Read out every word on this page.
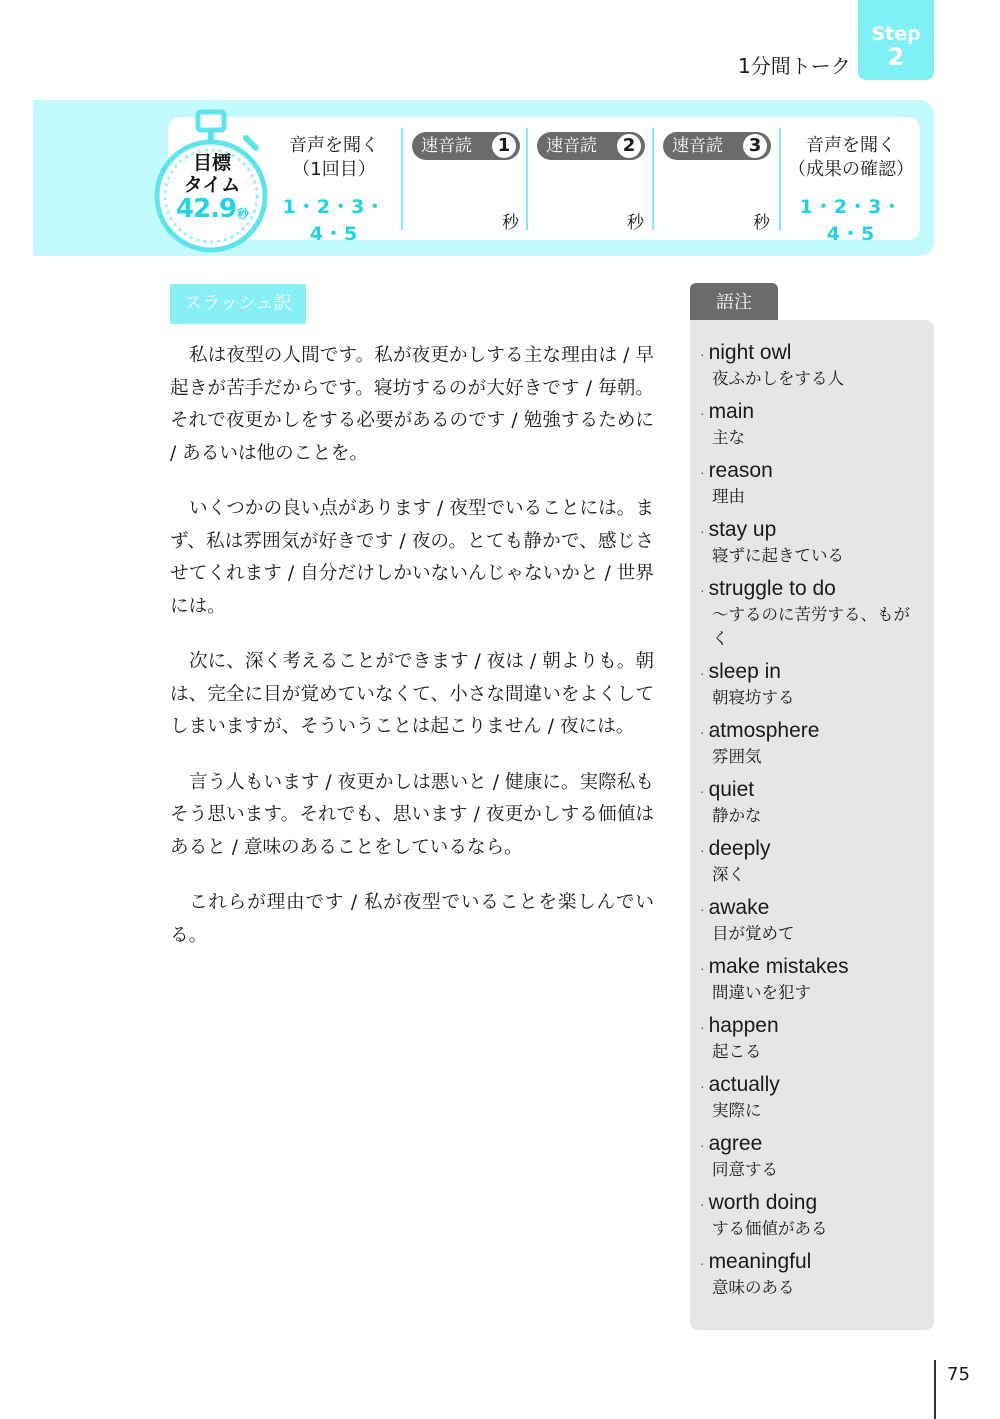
Step
2
1分間トーク
目標
タイム
42.9 秒
音声を聞く
（1回目）
1・2・3・4・5
速音読	1
秒
速音読	2
秒
速音読	3
秒
音声を聞く
（成果の確認）
1・2・3・4・5
スラッシュ訳

私は夜型の人間です。私が夜更かしする主な理由は / 早起きが苦手だからです。寝坊するのが大好きです / 毎朝。それで夜更かしをする必要があるのです / 勉強するために / あるいは他のことを。

いくつかの良い点があります / 夜型でいることには。まず、私は雰囲気が好きです / 夜の。とても静かで、感じさせてくれます / 自分だけしかいないんじゃないかと / 世界には。

次に、深く考えることができます / 夜は / 朝よりも。朝は、完全に目が覚めていなくて、小さな間違いをよくしてしまいますが、そういうことは起こりません / 夜には。

言う人もいます / 夜更かしは悪いと / 健康に。実際私もそう思います。それでも、思います / 夜更かしする価値はあると / 意味のあることをしているなら。

これらが理由です / 私が夜型でいることを楽しんでいる。

語注
· night owl
夜ふかしをする人
· main
主な
· reason
理由
· stay up
寝ずに起きている
· struggle to do
～するのに苦労する、もがく
· sleep in
朝寝坊する
· atmosphere
雰囲気
· quiet
静かな
· deeply
深く
· awake
目が覚めて
· make mistakes
間違いを犯す
· happen
起こる
· actually
実際に
· agree
同意する
· worth doing
する価値がある
· meaningful
意味のある
75
